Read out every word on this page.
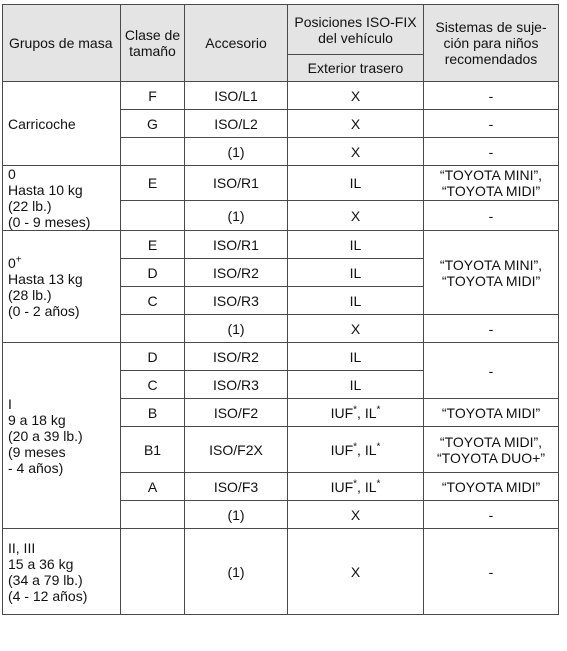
Grupos de masa	Clase de tamaño	Accesorio	Posiciones ISO-FIX del vehículo	Sistemas de suje-ción para niños recomendados
			Exterior trasero	
Carricoche	F	ISO/L1	X	-
	G	ISO/L2	X	-
		(1)	X	-
0
Hasta 10 kg
(22 lb.)
(0 - 9 meses)	E	ISO/R1	IL	“TOYOTA MINI”,
“TOYOTA MIDI”
		(1)	X	-
0+
Hasta 13 kg
(28 lb.)
(0 - 2 años)	E	ISO/R1	IL	“TOYOTA MINI”,
“TOYOTA MIDI”
	D	ISO/R2	IL	
	C	ISO/R3	IL	
		(1)	X	-
I
9 a 18 kg
(20 a 39 lb.)
(9 meses
- 4 años)	D	ISO/R2	IL	-
	C	ISO/R3	IL	
	B	ISO/F2	IUF*, IL*	“TOYOTA MIDI”
	B1	ISO/F2X	IUF*, IL*	“TOYOTA MIDI”,
“TOYOTA DUO+”
	A	ISO/F3	IUF*, IL*	“TOYOTA MIDI”
		(1)	X	-
II, III
15 a 36 kg
(34 a 79 lb.)
(4 - 12 años)		(1)	X	-
